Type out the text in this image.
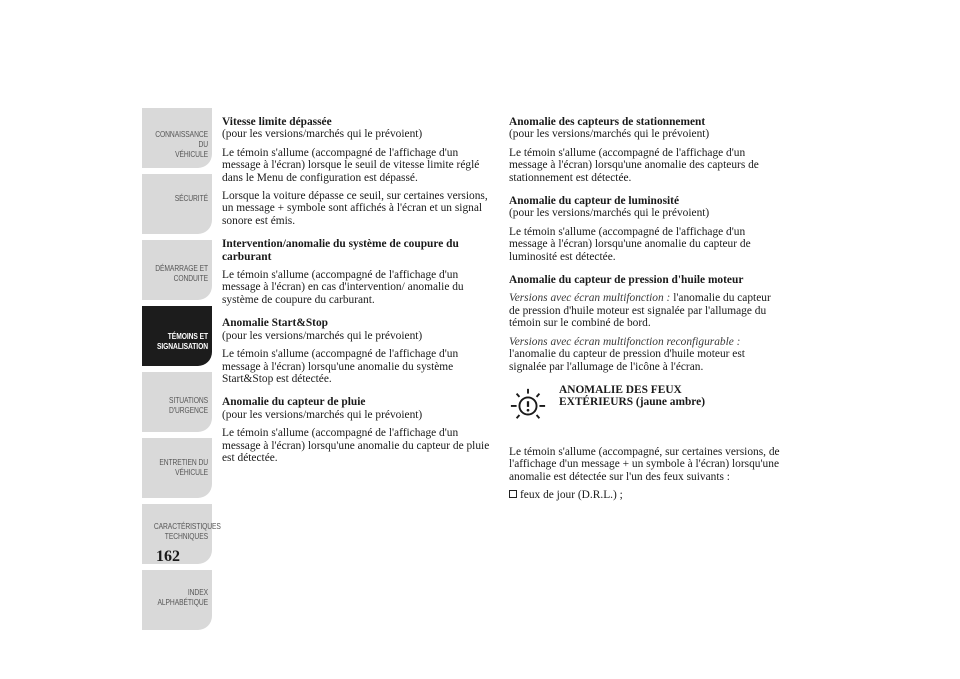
CONNAISSANCE DU
VÉHICULE
SÉCURITÉ
DÉMARRAGE ET
CONDUITE
TÉMOINS ET
SIGNALISATION
SITUATIONS
D'URGENCE
ENTRETIEN DU
VÉHICULE
CARACTÉRISTIQUES
TECHNIQUES
INDEX
ALPHABÉTIQUE
162
Vitesse limite dépassée

(pour les versions/marchés qui le prévoient)

Le témoin s'allume (accompagné de l'affichage d'un message à l'écran) lorsque le seuil de vitesse limite réglé dans le Menu de configuration est dépassé.

Lorsque la voiture dépasse ce seuil, sur certaines versions, un message + symbole sont affichés à l'écran et un signal sonore est émis.

Intervention/anomalie du système de coupure du carburant

Le témoin s'allume (accompagné de l'affichage d'un message à l'écran) en cas d'intervention/ anomalie du système de coupure du carburant.

Anomalie Start&Stop

(pour les versions/marchés qui le prévoient)

Le témoin s'allume (accompagné de l'affichage d'un message à l'écran) lorsqu'une anomalie du système Start&Stop est détectée.

Anomalie du capteur de pluie

(pour les versions/marchés qui le prévoient)

Le témoin s'allume (accompagné de l'affichage d'un message à l'écran) lorsqu'une anomalie du capteur de pluie est détectée.

Anomalie des capteurs de stationnement

(pour les versions/marchés qui le prévoient)

Le témoin s'allume (accompagné de l'affichage d'un message à l'écran) lorsqu'une anomalie des capteurs de stationnement est détectée.

Anomalie du capteur de luminosité

(pour les versions/marchés qui le prévoient)

Le témoin s'allume (accompagné de l'affichage d'un message à l'écran) lorsqu'une anomalie du capteur de luminosité est détectée.

Anomalie du capteur de pression d'huile moteur

Versions avec écran multifonction : l'anomalie du capteur de pression d'huile moteur est signalée par l'allumage du témoin sur le combiné de bord.

Versions avec écran multifonction reconfigurable : l'anomalie du capteur de pression d'huile moteur est signalée par l'allumage de l'icône à l'écran.

ANOMALIE DES FEUX
EXTÉRIEURS (jaune ambre)

Le témoin s'allume (accompagné, sur certaines versions, de l'affichage d'un message + un symbole à l'écran) lorsqu'une anomalie est détectée sur l'un des feux suivants :

feux de jour (D.R.L.) ;
